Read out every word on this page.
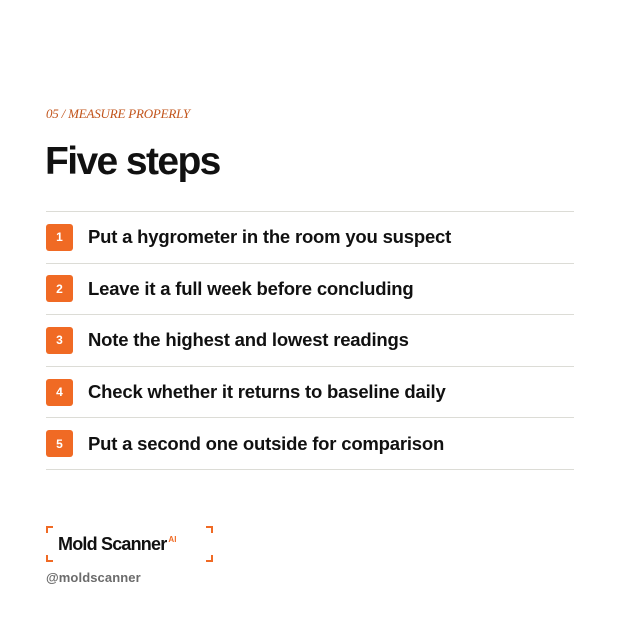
05 / MEASURE PROPERLY
Five steps
1	Put a hygrometer in the room you suspect
2	Leave it a full week before concluding
3	Note the highest and lowest readings
4	Check whether it returns to baseline daily
5	Put a second one outside for comparison
Mold Scanner $^{AI}$
@moldscanner
